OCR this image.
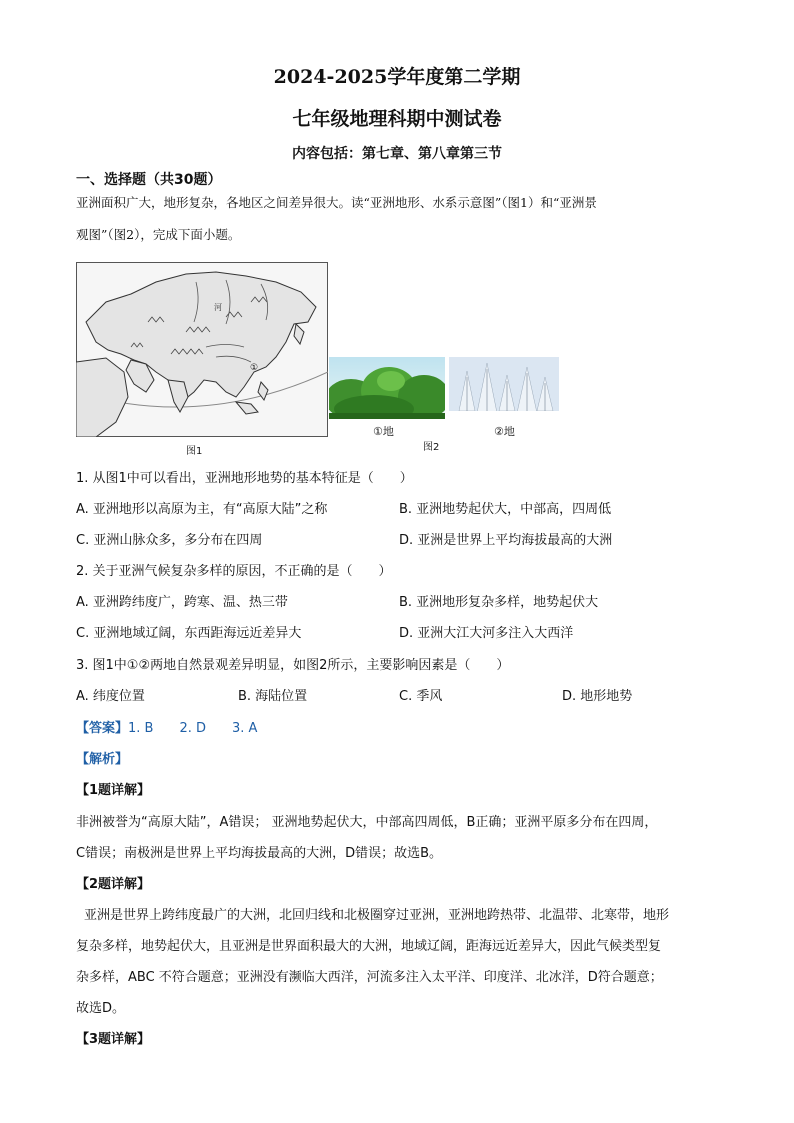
2024-2025学年度第二学期
七年级地理科期中测试卷
内容包括：第七章、第八章第三节
一、选择题（共30题）
亚洲面积广大，地形复杂，各地区之间差异很大。读“亚洲地形、水系示意图”（图1）和“亚洲景
观图”（图2），完成下面小题。
河
①
图1
①地
图2
②地
1. 从图1中可以看出，亚洲地形地势的基本特征是（　　）
A. 亚洲地形以高原为主，有“高原大陆”之称	B. 亚洲地势起伏大，中部高，四周低
C. 亚洲山脉众多，多分布在四周	D. 亚洲是世界上平均海拔最高的大洲
2. 关于亚洲气候复杂多样的原因，不正确的是（　　）
A. 亚洲跨纬度广，跨寒、温、热三带	B. 亚洲地形复杂多样，地势起伏大
C. 亚洲地域辽阔，东西距海远近差异大	D. 亚洲大江大河多注入大西洋
3. 图1中①②两地自然景观差异明显，如图2所示，主要影响因素是（　　）
A. 纬度位置	B. 海陆位置	C. 季风	D. 地形地势
【答案】1. B　　2. D　　3. A
【解析】
【1题详解】
非洲被誉为“高原大陆”，A错误； 亚洲地势起伏大，中部高四周低，B正确；亚洲平原多分布在四周，
C错误；南极洲是世界上平均海拔最高的大洲，D错误；故选B。
【2题详解】
亚洲是世界上跨纬度最广的大洲，北回归线和北极圈穿过亚洲，亚洲地跨热带、北温带、北寒带，地形
复杂多样，地势起伏大，且亚洲是世界面积最大的大洲，地域辽阔，距海远近差异大，因此气候类型复
杂多样，ABC 不符合题意；亚洲没有濒临大西洋，河流多注入太平洋、印度洋、北冰洋，D符合题意；
故选D。
【3题详解】
